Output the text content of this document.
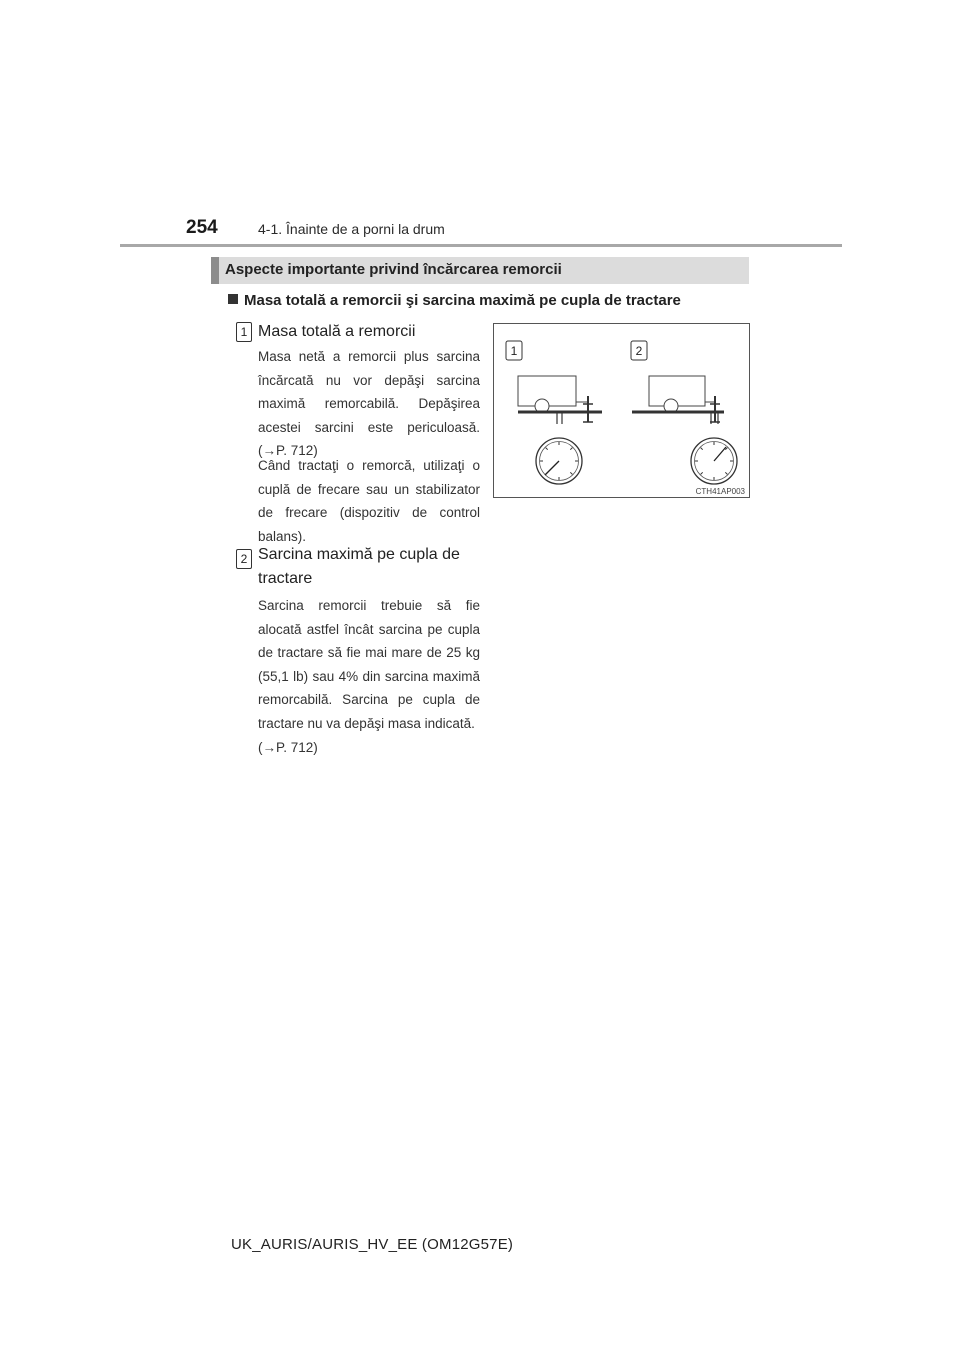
254	4-1. Înainte de a porni la drum
Aspecte importante privind încărcarea remorcii
Masa totală a remorcii şi sarcina maximă pe cupla de tractare
1 Masa totală a remorcii
Masa netă a remorcii plus sarcina încărcată nu vor depăşi sarcina maximă remorcabilă. Depăşirea acestei sarcini este periculoasă. (→P. 712)
Când tractaţi o remorcă, utilizaţi o cuplă de frecare sau un stabilizator de frecare (dispozitiv de control balans).
2 Sarcina maximă pe cupla de tractare
Sarcina remorcii trebuie să fie alocată astfel încât sarcina pe cupla de tractare să fie mai mare de 25 kg (55,1 lb) sau 4% din sarcina maximă remorcabilă. Sarcina pe cupla de tractare nu va depăşi masa indicată.
(→P. 712)
1	2
CTH41AP003
UK_AURIS/AURIS_HV_EE (OM12G57E)
